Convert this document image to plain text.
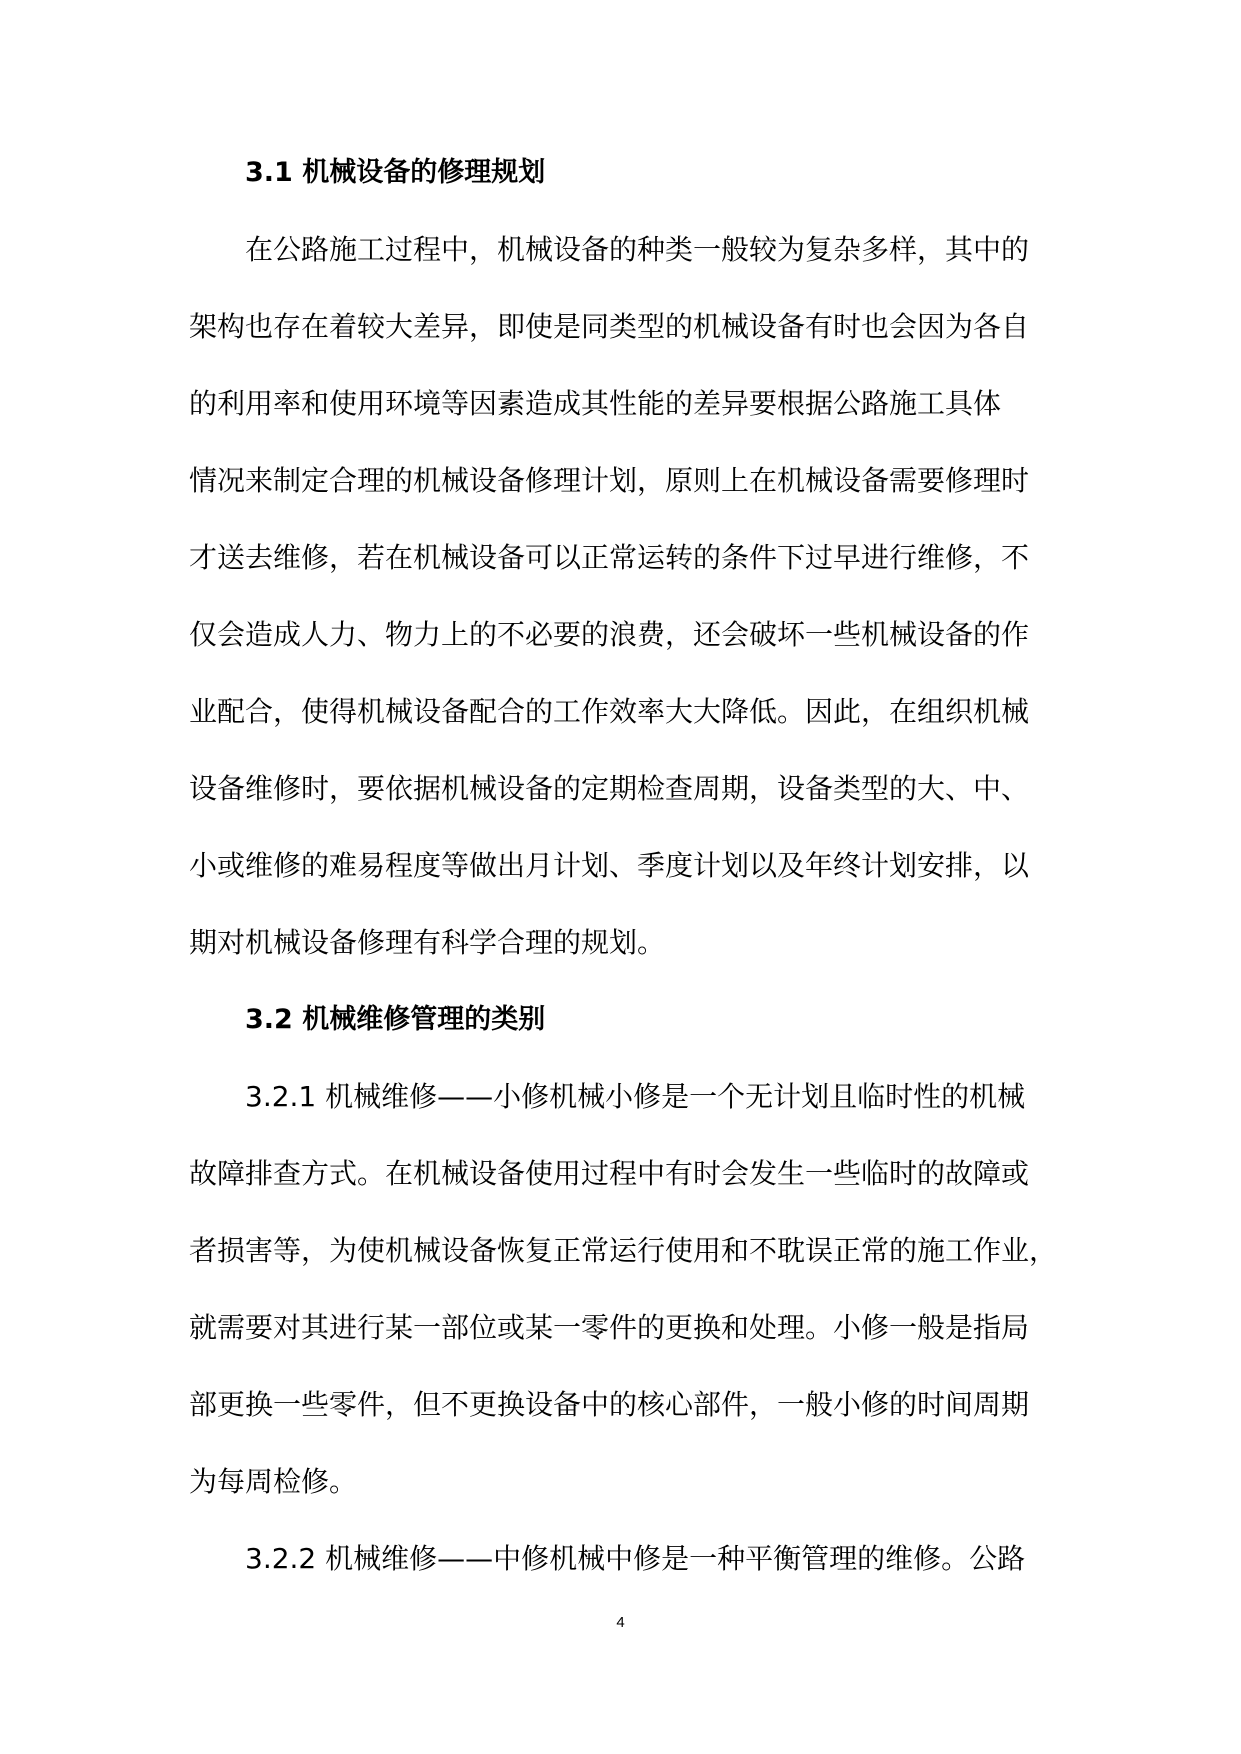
3.1 机械设备的修理规划
在公路施工过程中，机械设备的种类一般较为复杂多样，其中的
架构也存在着较大差异，即使是同类型的机械设备有时也会因为各自
的利用率和使用环境等因素造成其性能的差异要根据公路施工具体
情况来制定合理的机械设备修理计划，原则上在机械设备需要修理时
才送去维修，若在机械设备可以正常运转的条件下过早进行维修，不
仅会造成人力、物力上的不必要的浪费，还会破坏一些机械设备的作
业配合，使得机械设备配合的工作效率大大降低。因此，在组织机械
设备维修时，要依据机械设备的定期检查周期，设备类型的大、中、
小或维修的难易程度等做出月计划、季度计划以及年终计划安排，以
期对机械设备修理有科学合理的规划。
3.2 机械维修管理的类别
3.2.1 机械维修——小修机械小修是一个无计划且临时性的机械
故障排查方式。在机械设备使用过程中有时会发生一些临时的故障或
者损害等，为使机械设备恢复正常运行使用和不耽误正常的施工作业，
就需要对其进行某一部位或某一零件的更换和处理。小修一般是指局
部更换一些零件，但不更换设备中的核心部件，一般小修的时间周期
为每周检修。
3.2.2 机械维修——中修机械中修是一种平衡管理的维修。公路
4
